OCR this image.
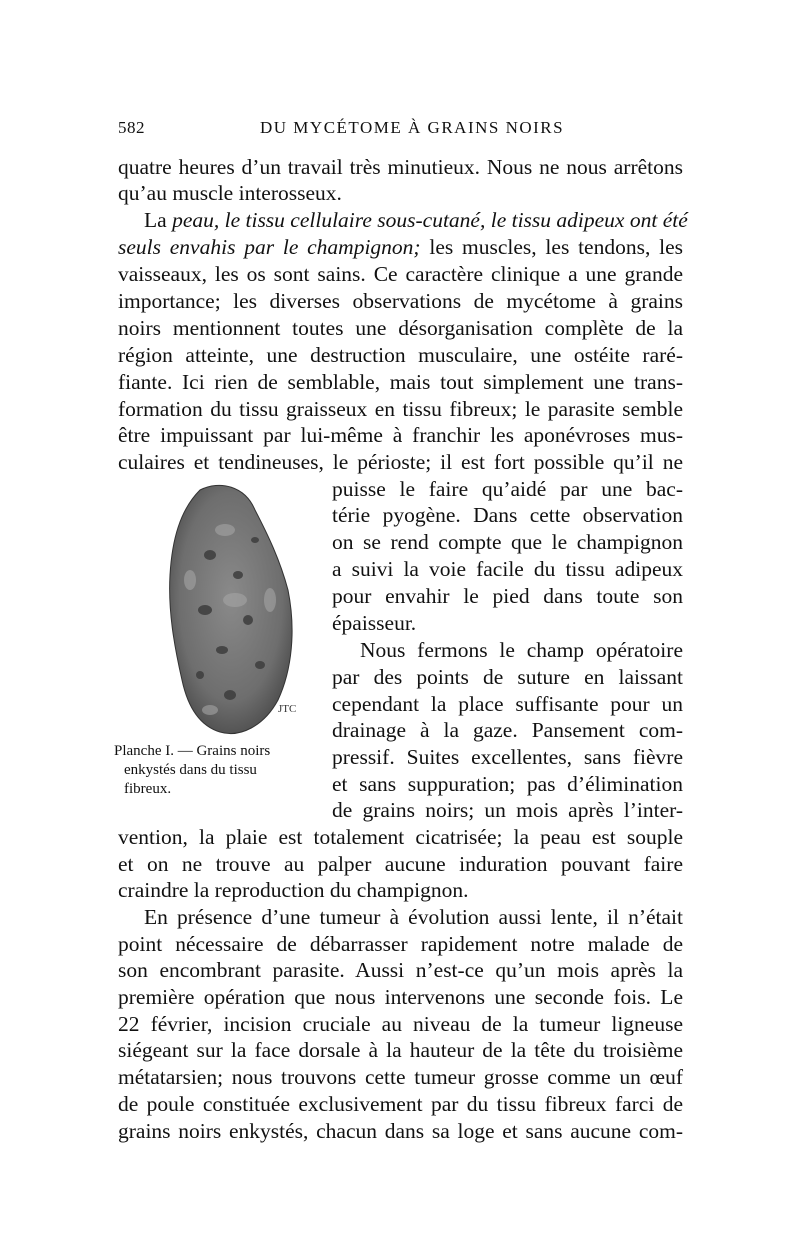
582	DU MYCÉTOME À GRAINS NOIRS
quatre heures d’un travail très minutieux. Nous ne nous arrêtons
qu’au muscle interosseux.
La peau, le tissu cellulaire sous-cutané, le tissu adipeux ont été
seuls envahis par le champignon; les muscles, les tendons, les
vaisseaux, les os sont sains. Ce caractère clinique a une grande
importance; les diverses observations de mycétome à grains
noirs mentionnent toutes une désorganisation complète de la
région atteinte, une destruction musculaire, une ostéite raré-
fiante. Ici rien de semblable, mais tout simplement une trans-
formation du tissu graisseux en tissu fibreux; le parasite semble
être impuissant par lui-même à franchir les aponévroses mus-
culaires et tendineuses, le périoste; il est fort possible qu’il ne
JTC
Planche I. — Grains noirs
enkystés dans du tissu
fibreux.
puisse le faire qu’aidé par une bac-
térie pyogène. Dans cette observation
on se rend compte que le champignon
a suivi la voie facile du tissu adipeux
pour envahir le pied dans toute son
épaisseur.
Nous fermons le champ opératoire
par des points de suture en laissant
cependant la place suffisante pour un
drainage à la gaze. Pansement com-
pressif. Suites excellentes, sans fièvre
et sans suppuration; pas d’élimination
de grains noirs; un mois après l’inter-
vention, la plaie est totalement cicatrisée; la peau est souple
et on ne trouve au palper aucune induration pouvant faire
craindre la reproduction du champignon.
En présence d’une tumeur à évolution aussi lente, il n’était
point nécessaire de débarrasser rapidement notre malade de
son encombrant parasite. Aussi n’est-ce qu’un mois après la
première opération que nous intervenons une seconde fois. Le
22 février, incision cruciale au niveau de la tumeur ligneuse
siégeant sur la face dorsale à la hauteur de la tête du troisième
métatarsien; nous trouvons cette tumeur grosse comme un œuf
de poule constituée exclusivement par du tissu fibreux farci de
grains noirs enkystés, chacun dans sa loge et sans aucune com-
